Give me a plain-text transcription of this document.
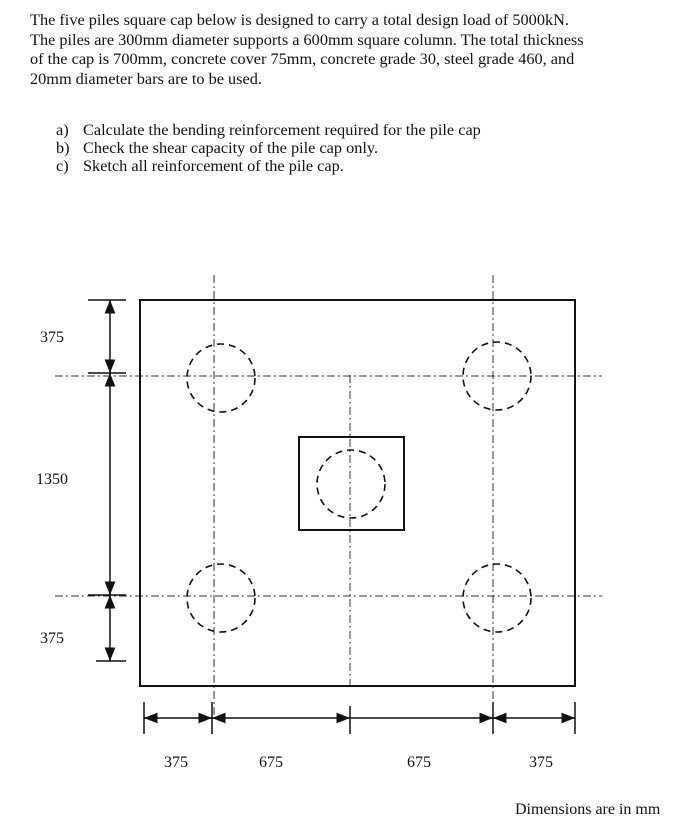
The five piles square cap below is designed to carry a total design load of 5000kN.

The piles are 300mm diameter supports a 600mm square column. The total thickness

of the cap is 700mm, concrete cover 75mm, concrete grade 30, steel grade 460, and

20mm diameter bars are to be used.

a) Calculate the bending reinforcement required for the pile cap
b) Check the shear capacity of the pile cap only.
c) Sketch all reinforcement of the pile cap.
375
1350
375
375	675	675	375
Dimensions are in mm
